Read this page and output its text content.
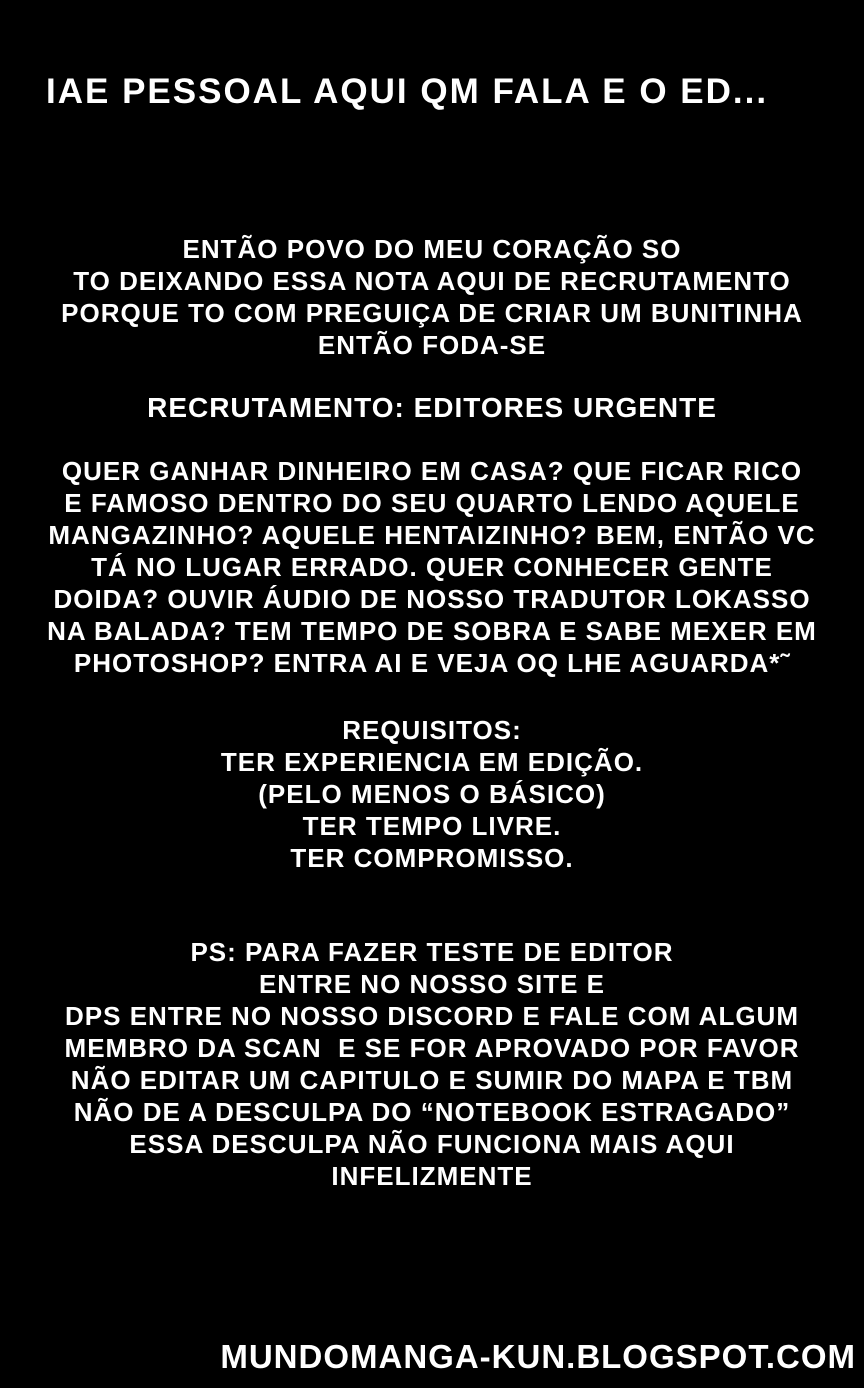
IAE PESSOAL AQUI QM FALA E O ED...
ENTÃO POVO DO MEU CORAÇÃO SO
TO DEIXANDO ESSA NOTA AQUI DE RECRUTAMENTO
PORQUE TO COM PREGUIÇA DE CRIAR UM BUNITINHA
ENTÃO FODA-SE
RECRUTAMENTO: EDITORES URGENTE
QUER GANHAR DINHEIRO EM CASA? QUE FICAR RICO
E FAMOSO DENTRO DO SEU QUARTO LENDO AQUELE
MANGAZINHO? AQUELE HENTAIZINHO? BEM, ENTÃO VC
TÁ NO LUGAR ERRADO. QUER CONHECER GENTE
DOIDA? OUVIR ÁUDIO DE NOSSO TRADUTOR LOKASSO
NA BALADA? TEM TEMPO DE SOBRA E SABE MEXER EM
PHOTOSHOP? ENTRA AI E VEJA OQ LHE AGUARDA*˜
REQUISITOS:
TER EXPERIENCIA EM EDIÇÃO.
(PELO MENOS O BÁSICO)
TER TEMPO LIVRE.
TER COMPROMISSO.
PS: PARA FAZER TESTE DE EDITOR
ENTRE NO NOSSO SITE E
DPS ENTRE NO NOSSO DISCORD E FALE COM ALGUM
MEMBRO DA SCAN  E SE FOR APROVADO POR FAVOR
NÃO EDITAR UM CAPITULO E SUMIR DO MAPA E TBM
NÃO DE A DESCULPA DO “NOTEBOOK ESTRAGADO”
ESSA DESCULPA NÃO FUNCIONA MAIS AQUI
INFELIZMENTE
MUNDOMANGA-KUN.BLOGSPOT.COM
